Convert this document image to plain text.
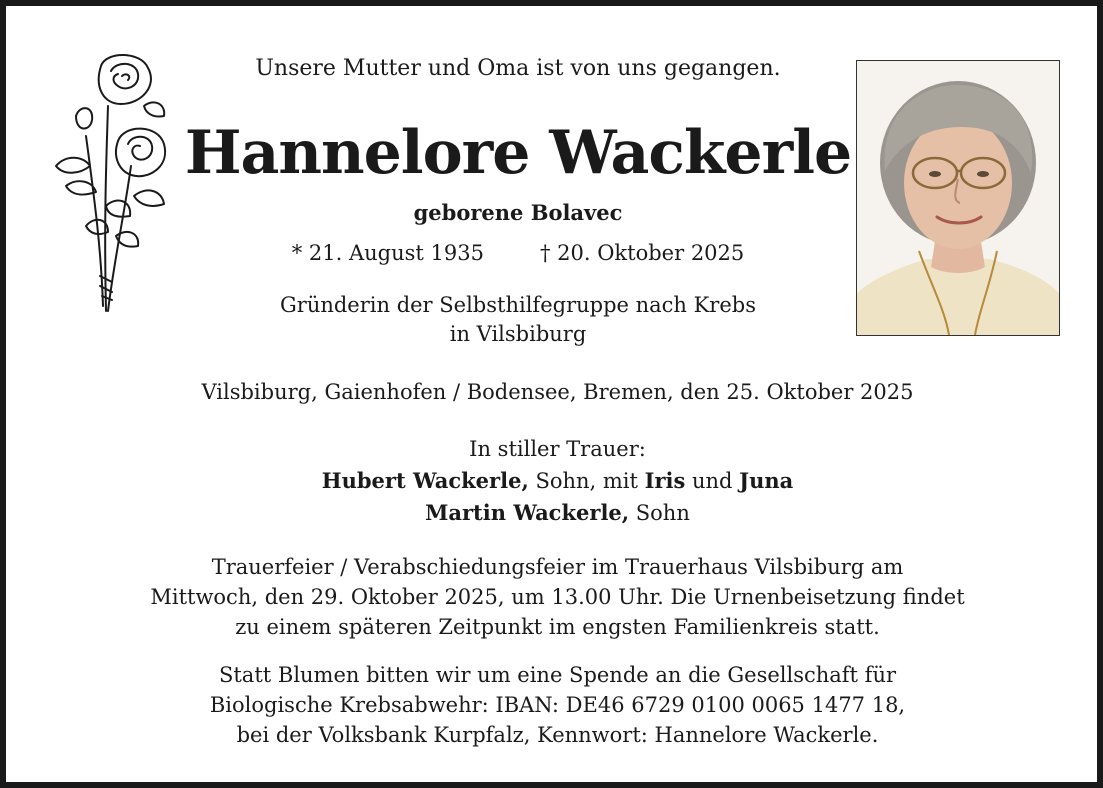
Unsere Mutter und Oma ist von uns gegangen.
Hannelore Wackerle
geborene Bolavec
* 21. August 1935	† 20. Oktober 2025
Gründerin der Selbsthilfegruppe nach Krebs
in Vilsbiburg
Vilsbiburg, Gaienhofen / Bodensee, Bremen, den 25. Oktober 2025
In stiller Trauer:
Hubert Wackerle, Sohn, mit Iris und Juna
Martin Wackerle, Sohn
Trauerfeier / Verabschiedungsfeier im Trauerhaus Vilsbiburg am
Mittwoch, den 29. Oktober 2025, um 13.00 Uhr. Die Urnenbeisetzung findet
zu einem späteren Zeitpunkt im engsten Familienkreis statt.
Statt Blumen bitten wir um eine Spende an die Gesellschaft für
Biologische Krebsabwehr: IBAN: DE46 6729 0100 0065 1477 18,
bei der Volksbank Kurpfalz, Kennwort: Hannelore Wackerle.
